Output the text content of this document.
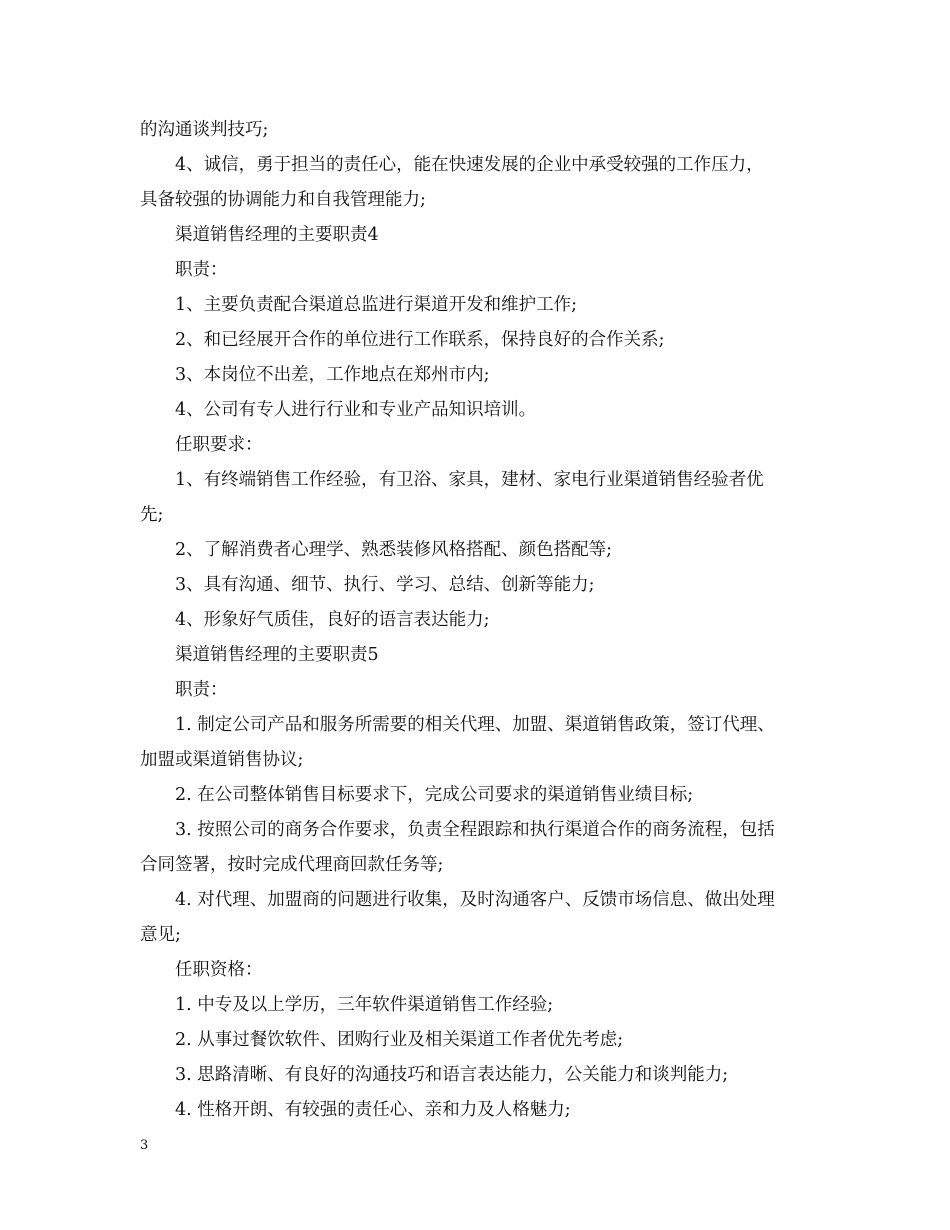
的沟通谈判技巧;
4、诚信，勇于担当的责任心，能在快速发展的企业中承受较强的工作压力，
具备较强的协调能力和自我管理能力;
渠道销售经理的主要职责4
职责：
1、主要负责配合渠道总监进行渠道开发和维护工作;
2、和已经展开合作的单位进行工作联系，保持良好的合作关系;
3、本岗位不出差，工作地点在郑州市内;
4、公司有专人进行行业和专业产品知识培训。
任职要求：
1、有终端销售工作经验，有卫浴、家具，建材、家电行业渠道销售经验者优
先;
2、了解消费者心理学、熟悉装修风格搭配、颜色搭配等;
3、具有沟通、细节、执行、学习、总结、创新等能力;
4、形象好气质佳，良好的语言表达能力;
渠道销售经理的主要职责5
职责：
1. 制定公司产品和服务所需要的相关代理、加盟、渠道销售政策，签订代理、
加盟或渠道销售协议;
2. 在公司整体销售目标要求下，完成公司要求的渠道销售业绩目标;
3. 按照公司的商务合作要求，负责全程跟踪和执行渠道合作的商务流程，包括
合同签署，按时完成代理商回款任务等;
4. 对代理、加盟商的问题进行收集，及时沟通客户、反馈市场信息、做出处理
意见;
任职资格：
1. 中专及以上学历，三年软件渠道销售工作经验;
2. 从事过餐饮软件、团购行业及相关渠道工作者优先考虑;
3. 思路清晰、有良好的沟通技巧和语言表达能力，公关能力和谈判能力;
4. 性格开朗、有较强的责任心、亲和力及人格魅力;
3
